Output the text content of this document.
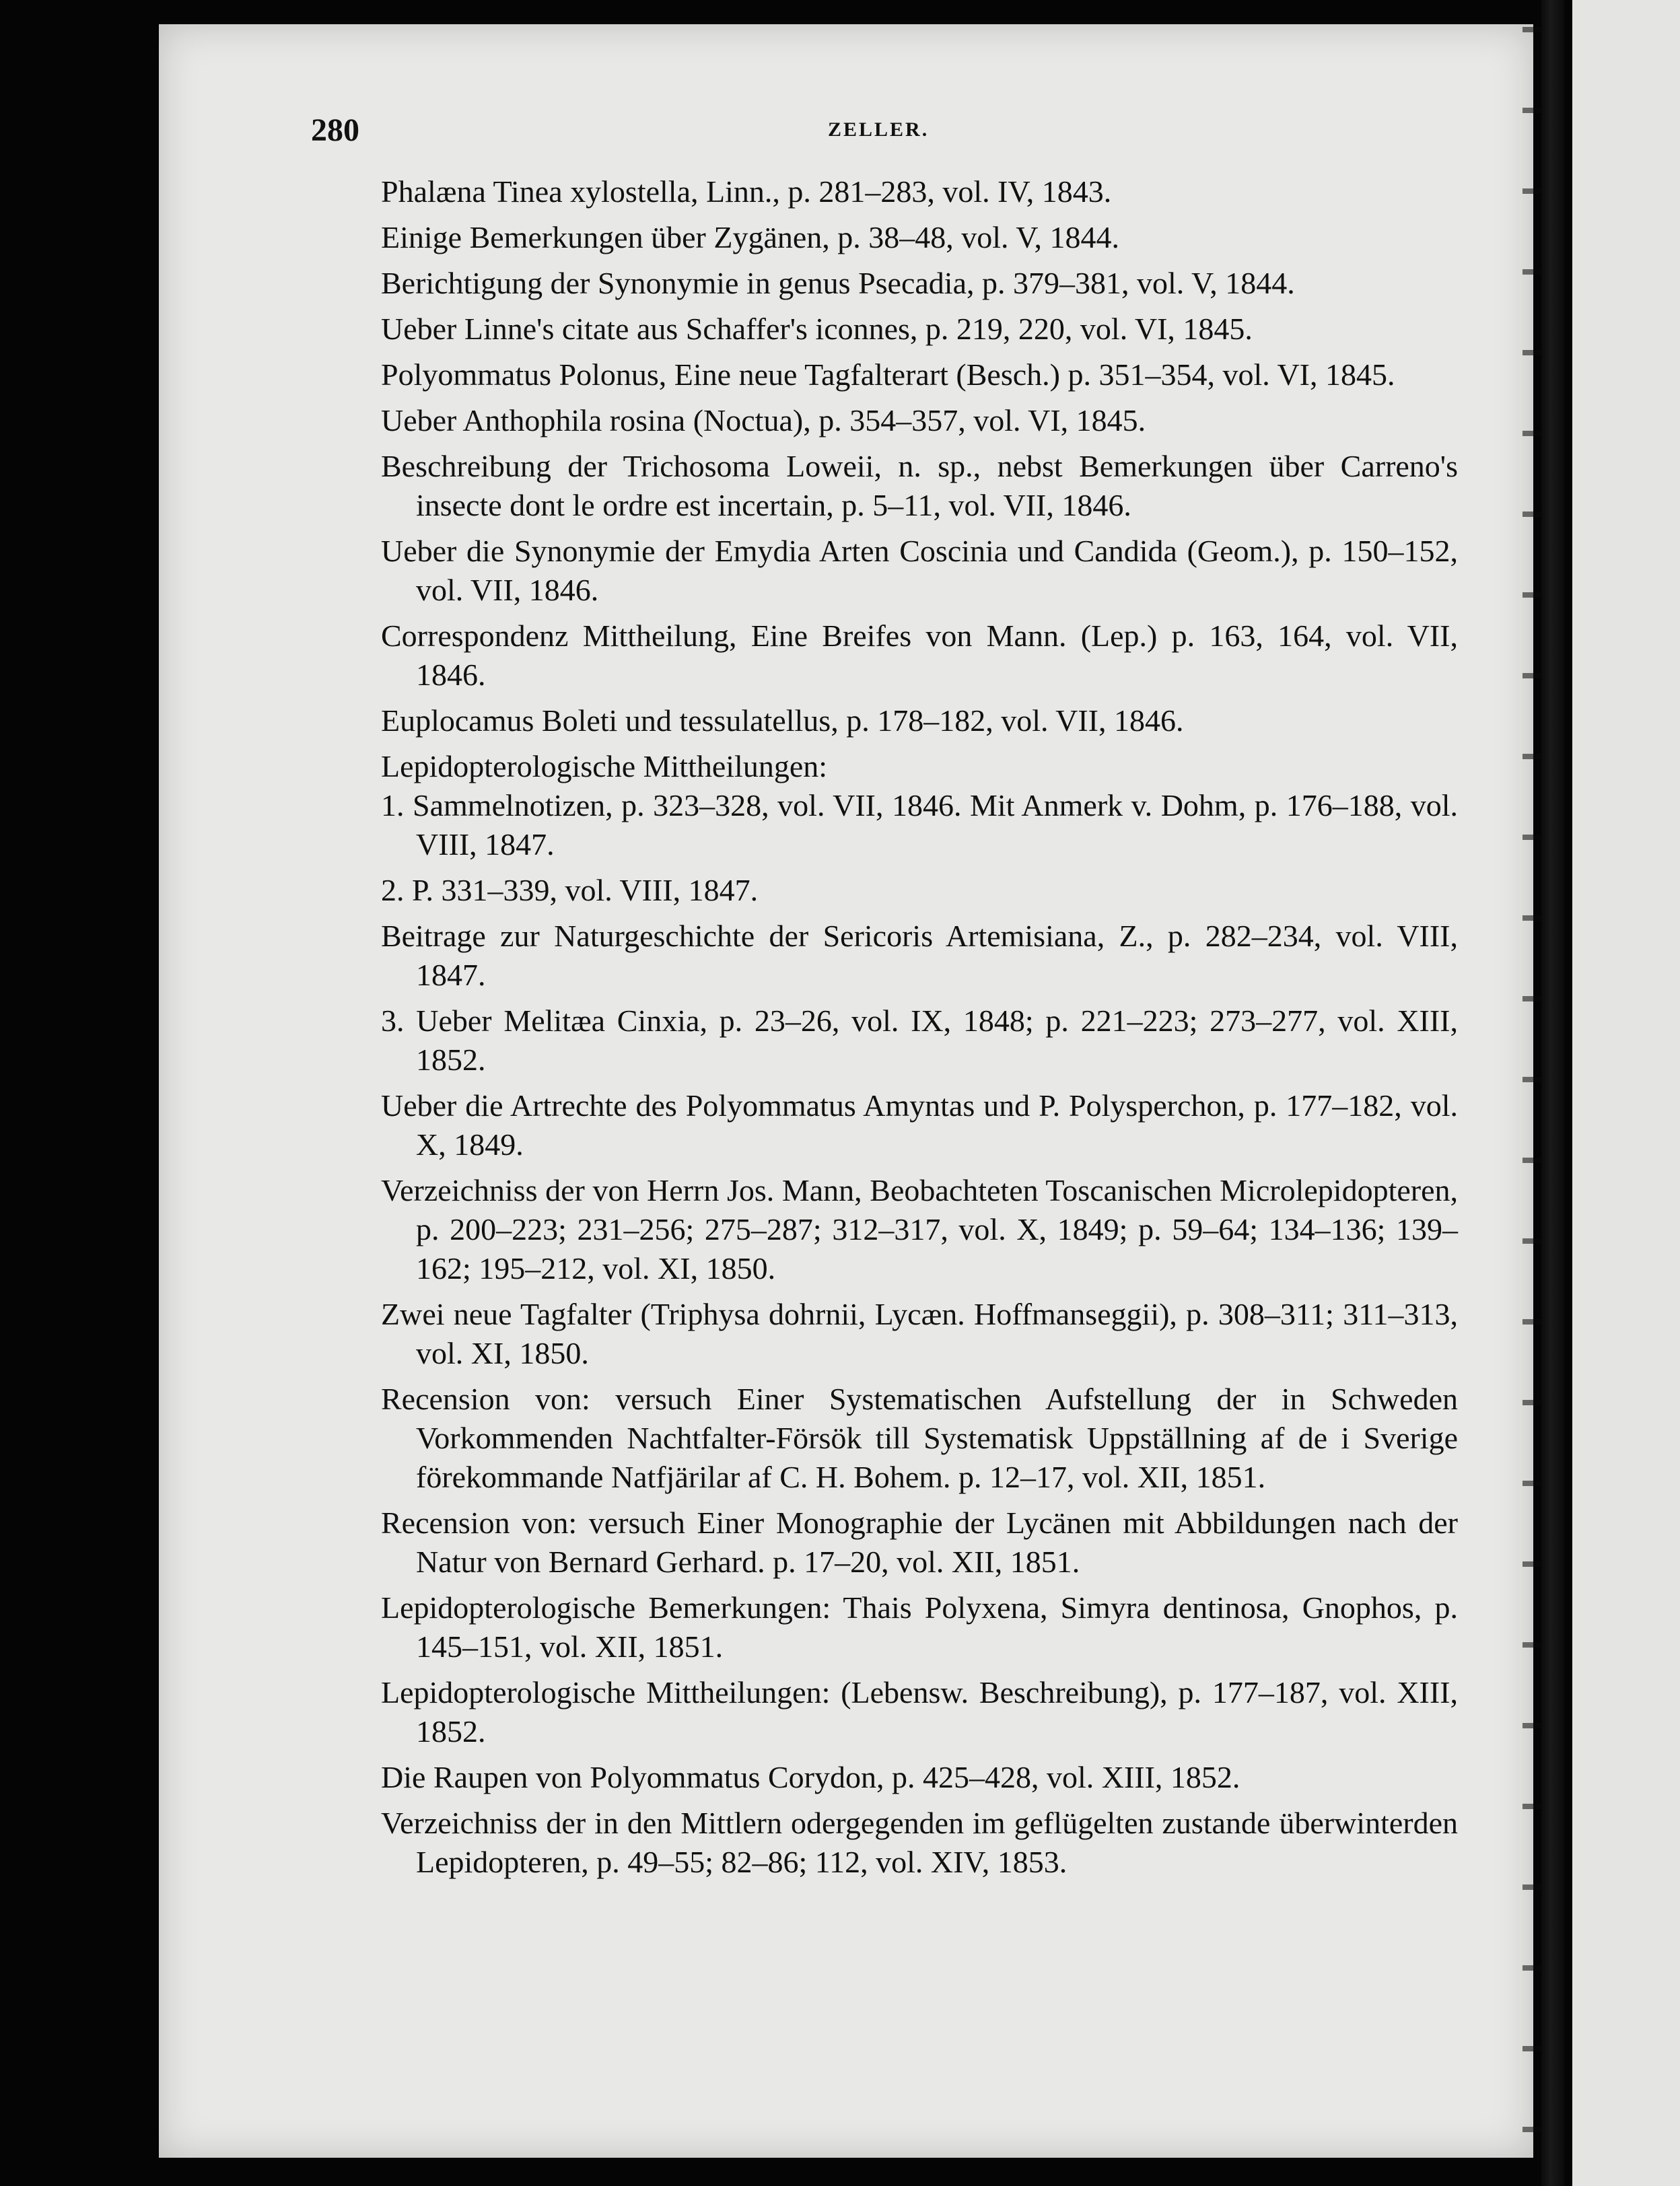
280	ZELLER.

Phalæna Tinea xylostella, Linn., p. 281–283, vol. IV, 1843.

Einige Bemerkungen über Zygänen, p. 38–48, vol. V, 1844.

Berichtigung der Synonymie in genus Psecadia, p. 379–381, vol. V, 1844.

Ueber Linne's citate aus Schaffer's iconnes, p. 219, 220, vol. VI, 1845.

Polyommatus Polonus, Eine neue Tagfalterart (Besch.) p. 351–354, vol. VI, 1845.

Ueber Anthophila rosina (Noctua), p. 354–357, vol. VI, 1845.

Beschreibung der Trichosoma Loweii, n. sp., nebst Bemerkungen über Carreno's insecte dont le ordre est incertain, p. 5–11, vol. VII, 1846.

Ueber die Synonymie der Emydia Arten Coscinia und Candida (Geom.), p. 150–152, vol. VII, 1846.

Correspondenz Mittheilung, Eine Breifes von Mann. (Lep.) p. 163, 164, vol. VII, 1846.

Euplocamus Boleti und tessulatellus, p. 178–182, vol. VII, 1846.

Lepidopterologische Mittheilungen:

1. Sammelnotizen, p. 323–328, vol. VII, 1846. Mit Anmerk v. Dohm, p. 176–188, vol. VIII, 1847.

2. P. 331–339, vol. VIII, 1847.

Beitrage zur Naturgeschichte der Sericoris Artemisiana, Z., p. 282–234, vol. VIII, 1847.

3. Ueber Melitæa Cinxia, p. 23–26, vol. IX, 1848; p. 221–223; 273–277, vol. XIII, 1852.

Ueber die Artrechte des Polyommatus Amyntas und P. Polysperchon, p. 177–182, vol. X, 1849.

Verzeichniss der von Herrn Jos. Mann, Beobachteten Toscanischen Microlepidopteren, p. 200–223; 231–256; 275–287; 312–317, vol. X, 1849; p. 59–64; 134–136; 139–162; 195–212, vol. XI, 1850.

Zwei neue Tagfalter (Triphysa dohrnii, Lycæn. Hoffmanseggii), p. 308–311; 311–313, vol. XI, 1850.

Recension von: versuch Einer Systematischen Aufstellung der in Schweden Vorkommenden Nachtfalter-Försök till Systematisk Uppställning af de i Sverige förekommande Natfjärilar af C. H. Bohem. p. 12–17, vol. XII, 1851.

Recension von: versuch Einer Monographie der Lycänen mit Abbildungen nach der Natur von Bernard Gerhard. p. 17–20, vol. XII, 1851.

Lepidopterologische Bemerkungen: Thais Polyxena, Simyra dentinosa, Gnophos, p. 145–151, vol. XII, 1851.

Lepidopterologische Mittheilungen: (Lebensw. Beschreibung), p. 177–187, vol. XIII, 1852.

Die Raupen von Polyommatus Corydon, p. 425–428, vol. XIII, 1852.

Verzeichniss der in den Mittlern odergegenden im geflügelten zustande überwinterden Lepidopteren, p. 49–55; 82–86; 112, vol. XIV, 1853.
